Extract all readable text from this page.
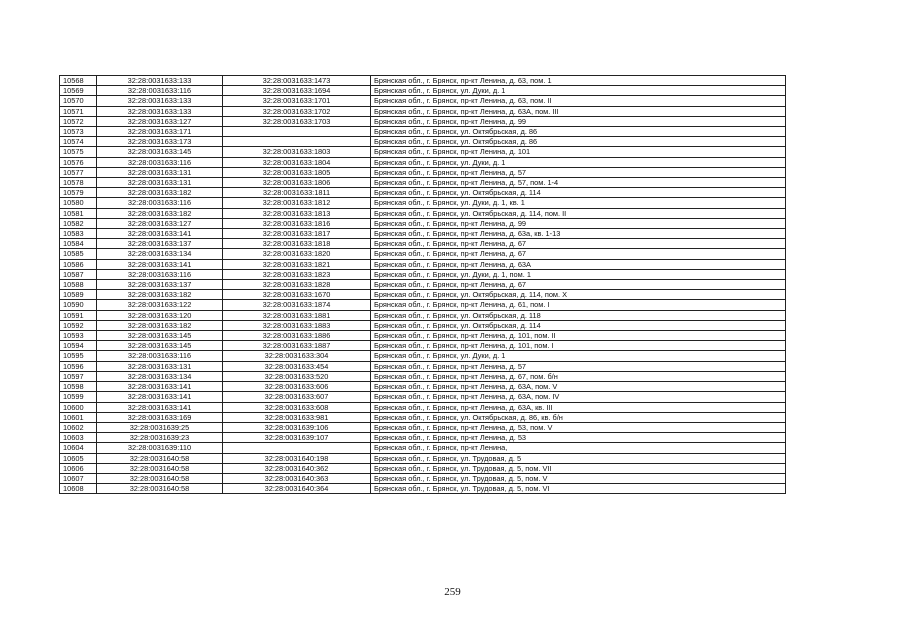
10568	32:28:0031633:133	32:28:0031633:1473	Брянская обл., г. Брянск, пр-кт Ленина, д. 63, пом. 1
10569	32:28:0031633:116	32:28:0031633:1694	Брянская обл., г. Брянск, ул. Дуки, д. 1
10570	32:28:0031633:133	32:28:0031633:1701	Брянская обл., г. Брянск, пр-кт Ленина, д. 63, пом. II
10571	32:28:0031633:133	32:28:0031633:1702	Брянская обл., г. Брянск, пр-кт Ленина, д. 63А, пом. III
10572	32:28:0031633:127	32:28:0031633:1703	Брянская обл., г. Брянск, пр-кт Ленина, д. 99
10573	32:28:0031633:171		Брянская обл., г. Брянск, ул. Октябрьская, д. 86
10574	32:28:0031633:173		Брянская обл., г. Брянск, ул. Октябрьская, д. 86
10575	32:28:0031633:145	32:28:0031633:1803	Брянская обл., г. Брянск, пр-кт Ленина, д. 101
10576	32:28:0031633:116	32:28:0031633:1804	Брянская обл., г. Брянск, ул. Дуки, д. 1
10577	32:28:0031633:131	32:28:0031633:1805	Брянская обл., г. Брянск, пр-кт Ленина, д. 57
10578	32:28:0031633:131	32:28:0031633:1806	Брянская обл., г. Брянск, пр-кт Ленина, д. 57, пом. 1-4
10579	32:28:0031633:182	32:28:0031633:1811	Брянская обл., г. Брянск, ул. Октябрьская, д. 114
10580	32:28:0031633:116	32:28:0031633:1812	Брянская обл., г. Брянск, ул. Дуки, д. 1, кв. 1
10581	32:28:0031633:182	32:28:0031633:1813	Брянская обл., г. Брянск, ул. Октябрьская, д. 114, пом. II
10582	32:28:0031633:127	32:28:0031633:1816	Брянская обл., г. Брянск, пр-кт Ленина, д. 99
10583	32:28:0031633:141	32:28:0031633:1817	Брянская обл., г. Брянск, пр-кт Ленина, д. 63а, кв. 1-13
10584	32:28:0031633:137	32:28:0031633:1818	Брянская обл., г. Брянск, пр-кт Ленина, д. 67
10585	32:28:0031633:134	32:28:0031633:1820	Брянская обл., г. Брянск, пр-кт Ленина, д. 67
10586	32:28:0031633:141	32:28:0031633:1821	Брянская обл., г. Брянск, пр-кт Ленина, д. 63А
10587	32:28:0031633:116	32:28:0031633:1823	Брянская обл., г. Брянск, ул. Дуки, д. 1, пом. 1
10588	32:28:0031633:137	32:28:0031633:1828	Брянская обл., г. Брянск, пр-кт Ленина, д. 67
10589	32:28:0031633:182	32:28:0031633:1670	Брянская обл., г. Брянск, ул. Октябрьская, д. 114, пом. X
10590	32:28:0031633:122	32:28:0031633:1874	Брянская обл., г. Брянск, пр-кт Ленина, д. 61, пом. I
10591	32:28:0031633:120	32:28:0031633:1881	Брянская обл., г. Брянск, ул. Октябрьская, д. 118
10592	32:28:0031633:182	32:28:0031633:1883	Брянская обл., г. Брянск, ул. Октябрьская, д. 114
10593	32:28:0031633:145	32:28:0031633:1886	Брянская обл., г. Брянск, пр-кт Ленина, д. 101, пом. II
10594	32:28:0031633:145	32:28:0031633:1887	Брянская обл., г. Брянск, пр-кт Ленина, д. 101, пом. I
10595	32:28:0031633:116	32:28:0031633:304	Брянская обл., г. Брянск, ул. Дуки, д. 1
10596	32:28:0031633:131	32:28:0031633:454	Брянская обл., г. Брянск, пр-кт Ленина, д. 57
10597	32:28:0031633:134	32:28:0031633:520	Брянская обл., г. Брянск, пр-кт Ленина, д. 67, пом. б/н
10598	32:28:0031633:141	32:28:0031633:606	Брянская обл., г. Брянск, пр-кт Ленина, д. 63А, пом. V
10599	32:28:0031633:141	32:28:0031633:607	Брянская обл., г. Брянск, пр-кт Ленина, д. 63А, пом. IV
10600	32:28:0031633:141	32:28:0031633:608	Брянская обл., г. Брянск, пр-кт Ленина, д. 63А, кв. III
10601	32:28:0031633:169	32:28:0031633:981	Брянская обл., г. Брянск, ул. Октябрьская, д. 86, кв. б/н
10602	32:28:0031639:25	32:28:0031639:106	Брянская обл., г. Брянск, пр-кт Ленина, д. 53, пом. V
10603	32:28:0031639:23	32:28:0031639:107	Брянская обл., г. Брянск, пр-кт Ленина, д. 53
10604	32:28:0031639:110		Брянская обл., г. Брянск, пр-кт Ленина,
10605	32:28:0031640:58	32:28:0031640:198	Брянская обл., г. Брянск, ул. Трудовая, д. 5
10606	32:28:0031640:58	32:28:0031640:362	Брянская обл., г. Брянск, ул. Трудовая, д. 5, пом. VII
10607	32:28:0031640:58	32:28:0031640:363	Брянская обл., г. Брянск, ул. Трудовая, д. 5, пом. V
10608	32:28:0031640:58	32:28:0031640:364	Брянская обл., г. Брянск, ул. Трудовая, д. 5, пом. VI
259
